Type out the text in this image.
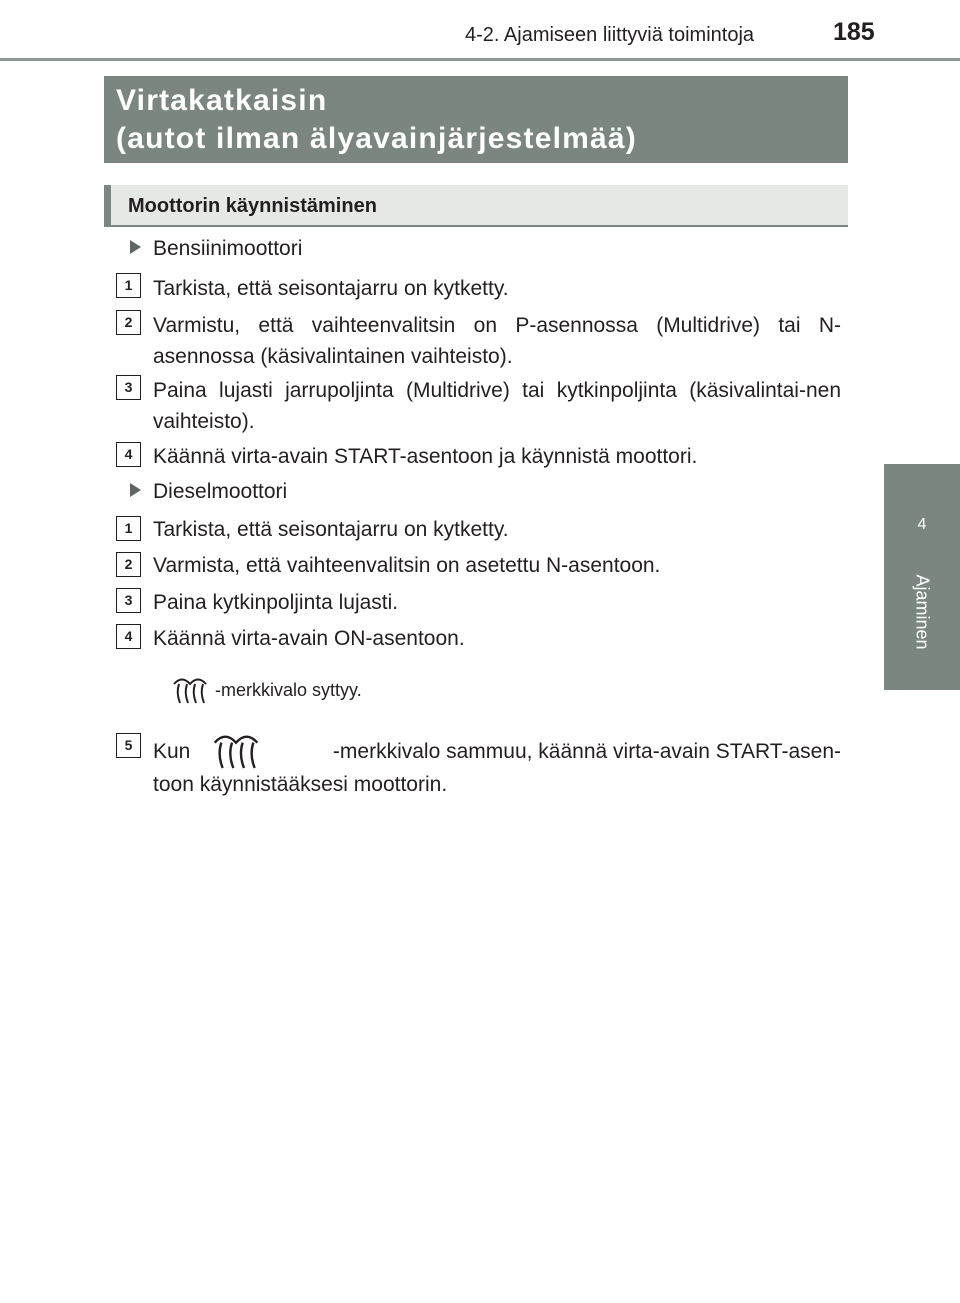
4-2. Ajamiseen liittyviä toimintoja	185
4
Ajaminen
Virtakatkaisin
(autot ilman älyavainjärjestelmää)
Moottorin käynnistäminen
Bensiinimoottori
1 Tarkista, että seisontajarru on kytketty.
2 Varmistu, että vaihteenvalitsin on P-asennossa (Multidrive) tai N-asennossa (käsivalintainen vaihteisto).
3 Paina lujasti jarrupoljinta (Multidrive) tai kytkinpoljinta (käsivalintai-nen vaihteisto).
4 Käännä virta-avain START-asentoon ja käynnistä moottori.
Dieselmoottori
1 Tarkista, että seisontajarru on kytketty.
2 Varmista, että vaihteenvalitsin on asetettu N-asentoon.
3 Paina kytkinpoljinta lujasti.
4 Käännä virta-avain ON-asentoon.
-merkkivalo syttyy.
5 Kun	-merkkivalo sammuu, käännä virta-avain START-asen-
toon käynnistääksesi moottorin.
